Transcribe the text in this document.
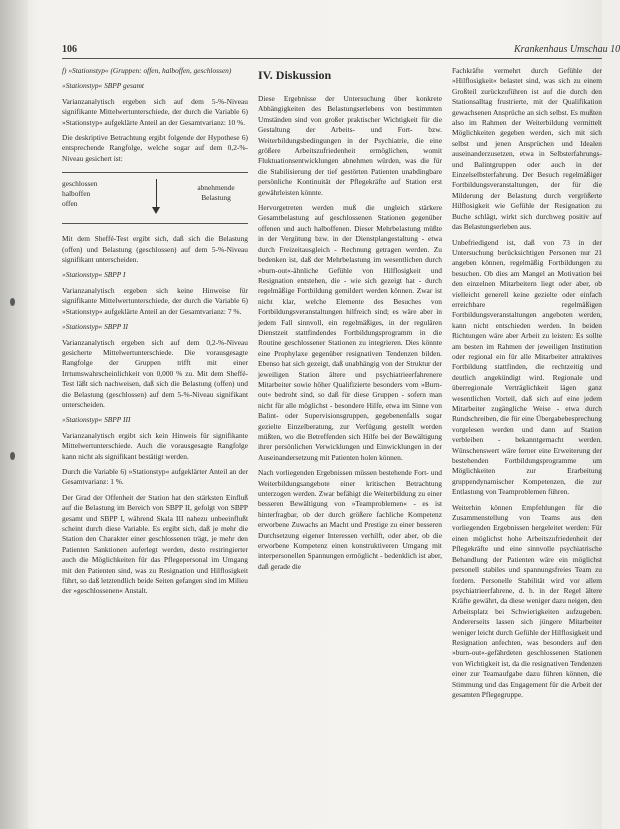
106	Krankenhaus Umschau 10

f) »Stationstyp« (Gruppen: offen, halboffen, geschlossen)

»Stationstyp« SBPP gesamt

Varianzanalytisch ergeben sich auf dem 5-%-Niveau signifikante Mittelwertunterschiede, der durch die Variable 6) »Stationstyp« aufgeklärte Anteil an der Gesamtvarianz: 10 %.

Die deskriptive Betrachtung ergibt folgende der Hypothese 6) entsprechende Rangfolge, welche sogar auf dem 0,2-%-Niveau gesichert ist:

geschlossen
halboffen
offen
abnehmende
Belastung

Mit dem Sheffé-Test ergibt sich, daß sich die Belastung (offen) und Belastung (geschlossen) auf dem 5-%-Niveau signifikant unterscheiden.

»Stationstyp« SBPP I

Varianzanalytisch ergeben sich keine Hinweise für signifikante Mittelwertunterschiede, der durch die Variable 6) »Stationstyp« aufgeklärte Anteil an der Gesamtvarianz: 7 %.

»Stationstyp« SBPP II

Varianzanalytisch ergeben sich auf dem 0,2-%-Niveau gesicherte Mittelwertunterschiede. Die vorausgesagte Rangfolge der Gruppen trifft mit einer Irrtumswahrscheinlichkeit von 0,000 % zu. Mit dem Sheffé-Test läßt sich nachweisen, daß sich die Belastung (offen) und die Belastung (geschlossen) auf dem 5-%-Niveau signifikant unterscheiden.

»Stationstyp« SBPP III

Varianzanalytisch ergibt sich kein Hinweis für signifikante Mittelwertunterschiede. Auch die vorausgesagte Rangfolge kann nicht als signifikant bestätigt werden.

Durch die Variable 6) »Stationstyp« aufgeklärter Anteil an der Gesamtvarianz: 1 %.

Der Grad der Offenheit der Station hat den stärksten Einfluß auf die Belastung im Bereich von SBPP II, gefolgt von SBPP gesamt und SBPP I, während Skala III nahezu unbeeinflußt scheint durch diese Variable. Es ergibt sich, daß je mehr die Station den Charakter einer geschlossenen trägt, je mehr den Patienten Sanktionen auferlegt werden, desto restringierter auch die Möglichkeiten für das Pflegepersonal im Umgang mit den Patienten sind, was zu Resignation und Hilflosigkeit führt, so daß letztendlich beide Seiten gefangen sind im Milieu der »geschlossenen« Anstalt.

IV. Diskussion

Diese Ergebnisse der Untersuchung über konkrete Abhängigkeiten des Belastungserlebens von bestimmten Umständen sind von großer praktischer Wichtigkeit für die Gestaltung der Arbeits- und Fort- bzw. Weiterbildungsbedingungen in der Psychiatrie, die eine größere Arbeitszufriedenheit ermöglichen, womit Fluktuationsentwicklungen abnehmen würden, was die für die Stabilisierung der tief gestörten Patienten unabdingbare persönliche Kontinuität der Pflegekräfte auf Station erst gewährleisten könnte.

Hervorgetreten werden muß die ungleich stärkere Gesamtbelastung auf geschlossenen Stationen gegenüber offenen und auch halboffenen. Dieser Mehrbelastung müßte in der Vergütung bzw. in der Dienstplangestaltung - etwa durch Freizeitausgleich - Rechnung getragen werden. Zu bedenken ist, daß der Mehrbelastung im wesentlichen durch »burn-out«-ähnliche Gefühle von Hilflosigkeit und Resignation entstehen, die - wie sich gezeigt hat - durch regelmäßige Fortbildung gemildert werden können. Zwar ist nicht klar, welche Elemente des Besuches von Fortbildungsveranstaltungen hilfreich sind; es wäre aber in jedem Fall sinnvoll, ein regelmäßiges, in der regulären Dienstzeit stattfindendes Fortbildungsprogramm in die Routine geschlossener Stationen zu integrieren. Dies könnte eine Prophylaxe gegenüber resignativen Tendenzen bilden. Ebenso hat sich gezeigt, daß unabhängig von der Struktur der jeweiligen Station ältere und psychiatrieerfahrenere Mitarbeiter sowie höher Qualifizierte besonders vom »Burn-out« bedroht sind, so daß für diese Gruppen - sofern man nicht für alle möglichst - besondere Hilfe, etwa im Sinne von Balint- oder Supervisionsgruppen, gegebenenfalls sogar gezielte Einzelberatung, zur Verfügung gestellt werden müßten, wo die Betreffenden sich Hilfe bei der Bewältigung ihrer persönlichen Verwicklungen und Einwicklungen in der Auseinandersetzung mit Patienten holen können.

Nach vorliegenden Ergebnissen müssen bestehende Fort- und Weiterbildungsangebote einer kritischen Betrachtung unterzogen werden. Zwar befähigt die Weiterbildung zu einer besseren Bewältigung von »Teamproblemen« - es ist hinterfragbar, ob der durch größere fachliche Kompetenz erworbene Zuwachs an Macht und Prestige zu einer besseren Durchsetzung eigener Interessen verhilft, oder aber, ob die erworbene Kompetenz einen konstruktiveren Umgang mit interpersonellen Spannungen ermöglicht - bedenklich ist aber, daß gerade die

Fachkräfte vermehrt durch Gefühle der »Hilflosigkeit« belastet sind, was sich zu einem Großteil zurückzuführen ist auf die durch den Stationsalltag frustrierte, mit der Qualifikation gewachsenen Ansprüche an sich selbst. Es mußten also im Rahmen der Weiterbildung vermittelt Möglichkeiten gegeben werden, sich mit sich selbst und jenen Ansprüchen und Idealen auseinanderzusetzen, etwa in Selbsterfahrungs- und Balintgruppen oder auch in der Einzelselbsterfahrung. Der Besuch regelmäßiger Fortbildungsveranstaltungen, der für die Milderung der Belastung durch vergrößerte Hilflosigkeit wie Gefühle der Resignation zu Buche schlägt, wirkt sich durchweg positiv auf das Belastungserleben aus.

Unbefriedigend ist, daß von 73 in der Untersuchung berücksichtigen Personen nur 21 angeben können, regelmäßig Fortbildungen zu besuchen. Ob dies am Mangel an Motivation bei den einzelnen Mitarbeitern liegt oder aber, ob vielleicht generell keine gezielte oder einfach erreichbare regelmäßigen Fortbildungsveranstaltungen angeboten werden, kann nicht entschieden werden. In beiden Richtungen wäre aber Arbeit zu leisten: Es sollte am besten im Rahmen der jeweiligen Institution oder regional ein für alle Mitarbeiter attraktives Fortbildung stattfinden, die rechtzeitig und deutlich angekündigt wird. Regionale und überregionale Verträglichkeit lägen ganz wesentlichen Vorteil, daß sich auf eine jedem Mitarbeiter zugängliche Weise - etwa durch Rundschreiben, die für eine Übergabebesprechung vorgelesen werden und dann auf Station verbleiben - bekanntgemacht werden. Wünschenswert wäre ferner eine Erweiterung der bestehenden Fortbildungsprogramme um Möglichkeiten zur Erarbeitung gruppendynamischer Kompetenzen, die zur Entlastung von Teamproblemen führen.

Weiterhin können Empfehlungen für die Zusammenstellung von Teams aus den vorliegenden Ergebnissen hergeleitet werden: Für einen möglichst hohe Arbeitszufriedenheit der Pflegekräfte und eine sinnvolle psychiatrische Behandlung der Patienten wäre ein möglichst personell stabiles und spannungsfreies Team zu fordern. Personelle Stabilität wird vor allem psychiatrieerfahrene, d. h. in der Regel ältere Kräfte gewährt, da diese weniger dazu neigen, den Arbeitsplatz bei Schwierigkeiten aufzugeben. Andererseits lassen sich jüngere Mitarbeiter weniger leicht durch Gefühle der Hilflosigkeit und Resignation anfechten, was besonders auf den »burn-out«-gefährdeten geschlossenen Stationen von Wichtigkeit ist, da die resignativen Tendenzen einer zur Teamaufgabe dazu führen können, die Stimmung und das Engagement für die Arbeit der gesamten Pflegegruppe.
